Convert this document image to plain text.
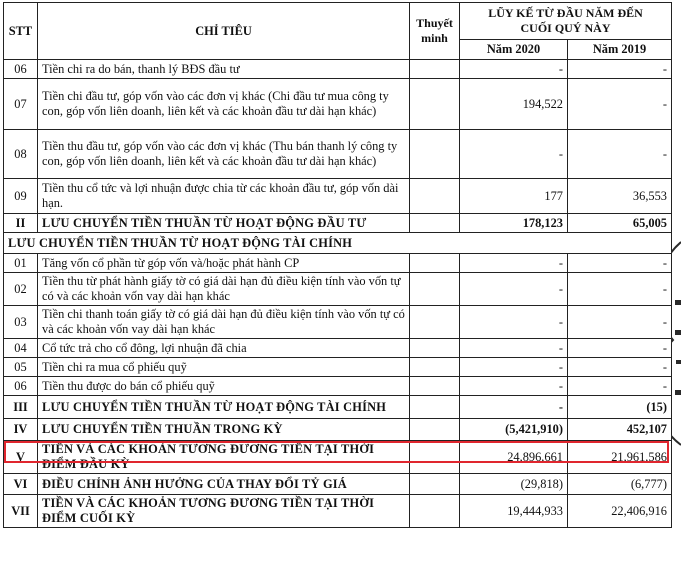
STT	CHỈ TIÊU	Thuyết minh	LŨY KẾ TỪ ĐẦU NĂM ĐẾN CUỐI QUÝ NÀY	
			Năm 2020	Năm 2019
06	Tiền chi ra do bán, thanh lý BĐS đầu tư		-	-
07	Tiền chi đầu tư, góp vốn vào các đơn vị khác (Chi đầu tư mua công ty con, góp vốn liên doanh, liên kết và các khoản đầu tư dài hạn khác)		194,522	-
08	Tiền thu đầu tư, góp vốn vào các đơn vị khác (Thu bán thanh lý công ty con, góp vốn liên doanh, liên kết và các khoản đầu tư dài hạn khác)		-	-
09	Tiền thu cổ tức và lợi nhuận được chia từ các khoản đầu tư, góp vốn dài hạn.		177	36,553
II	LƯU CHUYỂN TIỀN THUẦN TỪ HOẠT ĐỘNG ĐẦU TƯ		178,123	65,005
LƯU CHUYỂN TIỀN THUẦN TỪ HOẠT ĐỘNG TÀI CHÍNH				
01	Tăng vốn cổ phần từ góp vốn và/hoặc phát hành CP		-	-
02	Tiền thu từ phát hành giấy tờ có giá dài hạn đủ điều kiện tính vào vốn tự có và các khoản vốn vay dài hạn khác		-	-
03	Tiền chi thanh toán giấy tờ có giá dài hạn đủ điều kiện tính vào vốn tự có và các khoản vốn vay dài hạn khác		-	-
04	Cổ tức trả cho cổ đông, lợi nhuận đã chia		-	-
05	Tiền chi ra mua cổ phiếu quỹ		-	-
06	Tiền thu được do bán cổ phiếu quỹ		-	-
III	LƯU CHUYỂN TIỀN THUẦN TỪ HOẠT ĐỘNG TÀI CHÍNH		-	(15)
IV	LƯU CHUYỂN TIỀN THUẦN TRONG KỲ		(5,421,910)	452,107
V	TIỀN VÀ CÁC KHOẢN TƯƠNG ĐƯƠNG TIỀN TẠI THỜI ĐIỂM ĐẦU KỲ		24,896,661	21,961,586
VI	ĐIỀU CHỈNH ẢNH HƯỞNG CỦA THAY ĐỔI TỶ GIÁ		(29,818)	(6,777)
VII	TIỀN VÀ CÁC KHOẢN TƯƠNG ĐƯƠNG TIỀN TẠI THỜI ĐIỂM CUỐI KỲ		19,444,933	22,406,916
